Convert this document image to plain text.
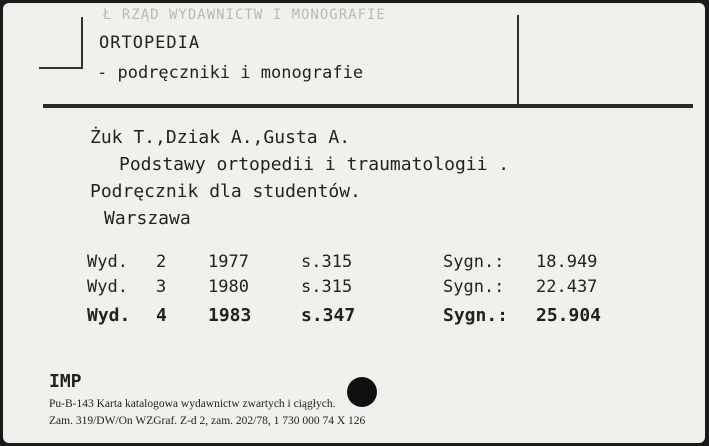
Ł RZĄD WYDAWNICTW I MONOGRAFIE
ORTOPEDIA
- podręczniki i monografie
Żuk T.,Dziak A.,Gusta A.
Podstawy ortopedii i traumatologii .
Podręcznik dla studentów.
Warszawa
Wyd. 2 1977	s.315	Sygn.: 18.949
Wyd. 3 1980	s.315	Sygn.: 22.437
Wyd. 4 1983	s.347	Sygn.: 25.904
IMP
Pu-B-143 Karta katalogowa wydawnictw zwartych i ciągłych.
Zam. 319/DW/On WZGraf. Z-d 2, zam. 202/78, 1 730 000 74 X 126
